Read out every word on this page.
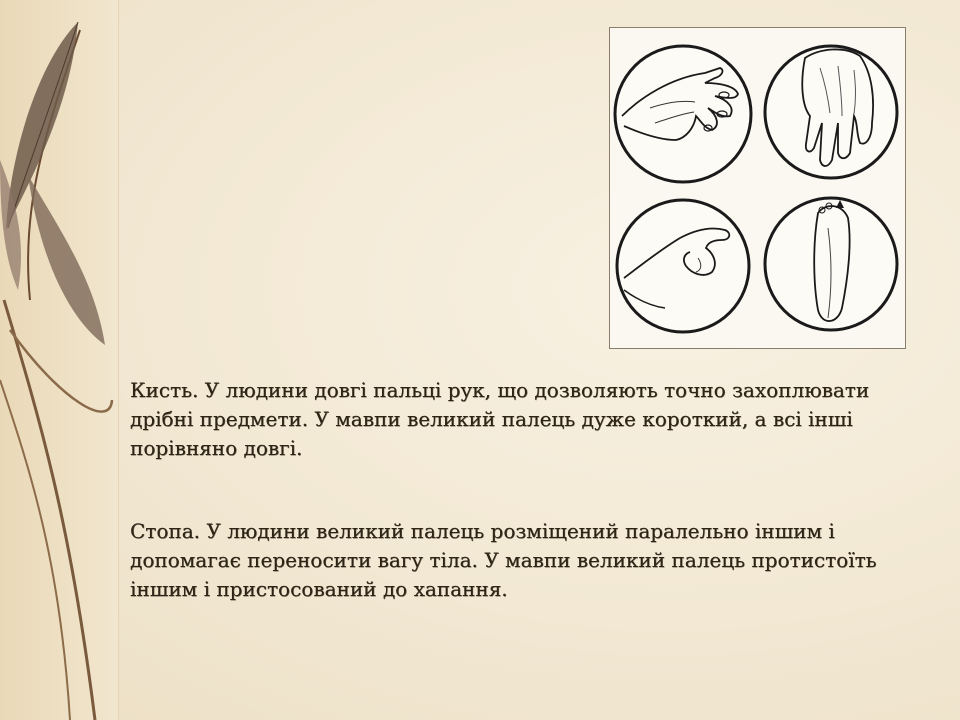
Кисть. У людини довгі пальці рук, що дозволяють точно захоплювати дрібні предмети. У мавпи великий палець дуже короткий, а всі інші порівняно довгі.
Стопа. У людини великий палець розміщений паралельно іншим і допомагає переносити вагу тіла. У мавпи великий палець протистоїть іншим і пристосований до хапання.
